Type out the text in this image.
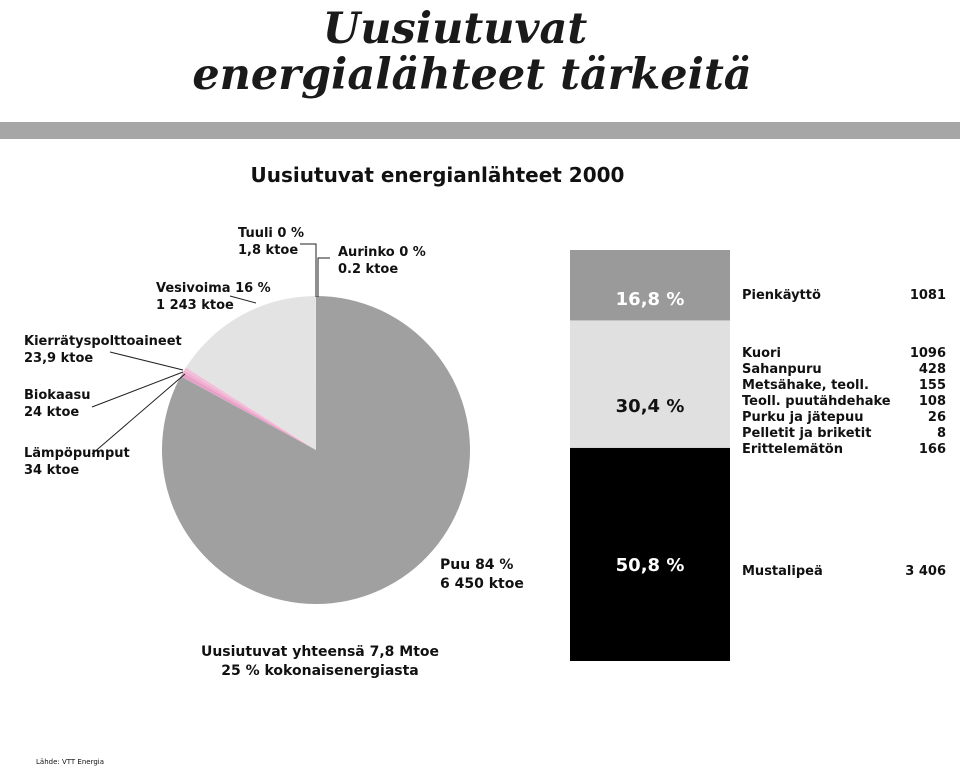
Uusiutuvat
energialähteet tärkeitä
Uusiutuvat energianlähteet 2000
Tuuli 0 %
1,8 ktoe	Aurinko 0 %
0.2 ktoe
Vesivoima 16 %
1 243 ktoe
Kierrätyspolttoaineet
23,9 ktoe
Biokaasu
24 ktoe
Lämpöpumput
34 ktoe
Puu 84 %
6 450 ktoe
Uusiutuvat yhteensä 7,8 Mtoe
25 % kokonaisenergiasta
16,8 %
30,4 %
50,8 %
Pienkäyttö	1081
Kuori	1096
Sahanpuru	428
Metsähake, teoll.	155
Teoll. puutähdehake 108
Purku ja jätepuu	26
Pelletit ja briketit	8
Erittelemätön	166
Mustalipeä	3 406
Lähde: VTT Energia
